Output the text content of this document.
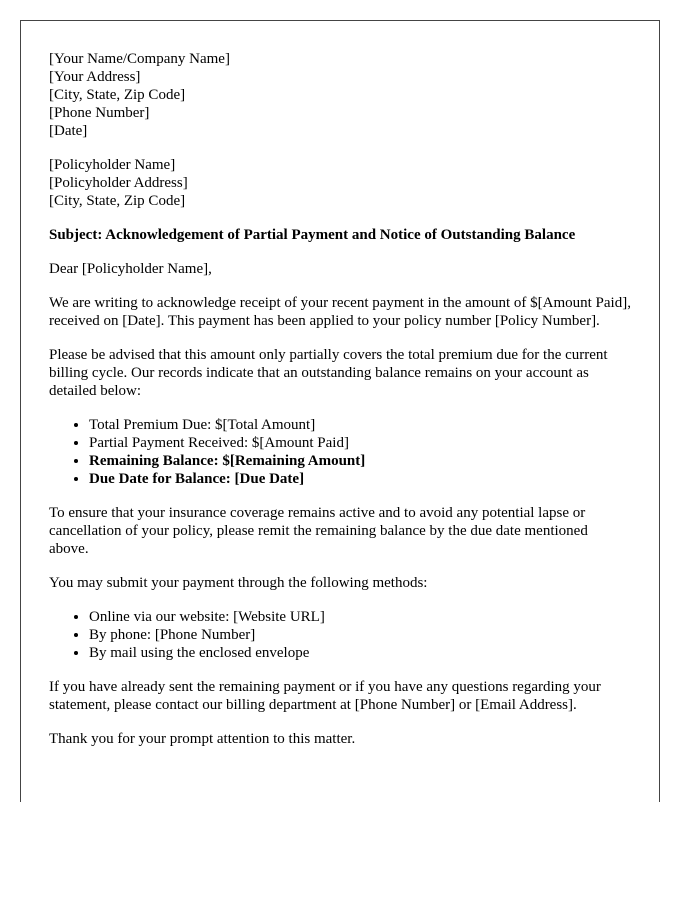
[Your Name/Company Name]
[Your Address]
[City, State, Zip Code]
[Phone Number]
[Date]
[Policyholder Name]
[Policyholder Address]
[City, State, Zip Code]

Subject: Acknowledgement of Partial Payment and Notice of Outstanding Balance

Dear [Policyholder Name],

We are writing to acknowledge receipt of your recent payment in the amount of $[Amount Paid], received on [Date]. This payment has been applied to your policy number [Policy Number].

Please be advised that this amount only partially covers the total premium due for the current billing cycle. Our records indicate that an outstanding balance remains on your account as detailed below:

• Total Premium Due: $[Total Amount]
• Partial Payment Received: $[Amount Paid]
• Remaining Balance: $[Remaining Amount]
• Due Date for Balance: [Due Date]

To ensure that your insurance coverage remains active and to avoid any potential lapse or cancellation of your policy, please remit the remaining balance by the due date mentioned above.

You may submit your payment through the following methods:

• Online via our website: [Website URL]
• By phone: [Phone Number]
• By mail using the enclosed envelope

If you have already sent the remaining payment or if you have any questions regarding your statement, please contact our billing department at [Phone Number] or [Email Address].

Thank you for your prompt attention to this matter.
